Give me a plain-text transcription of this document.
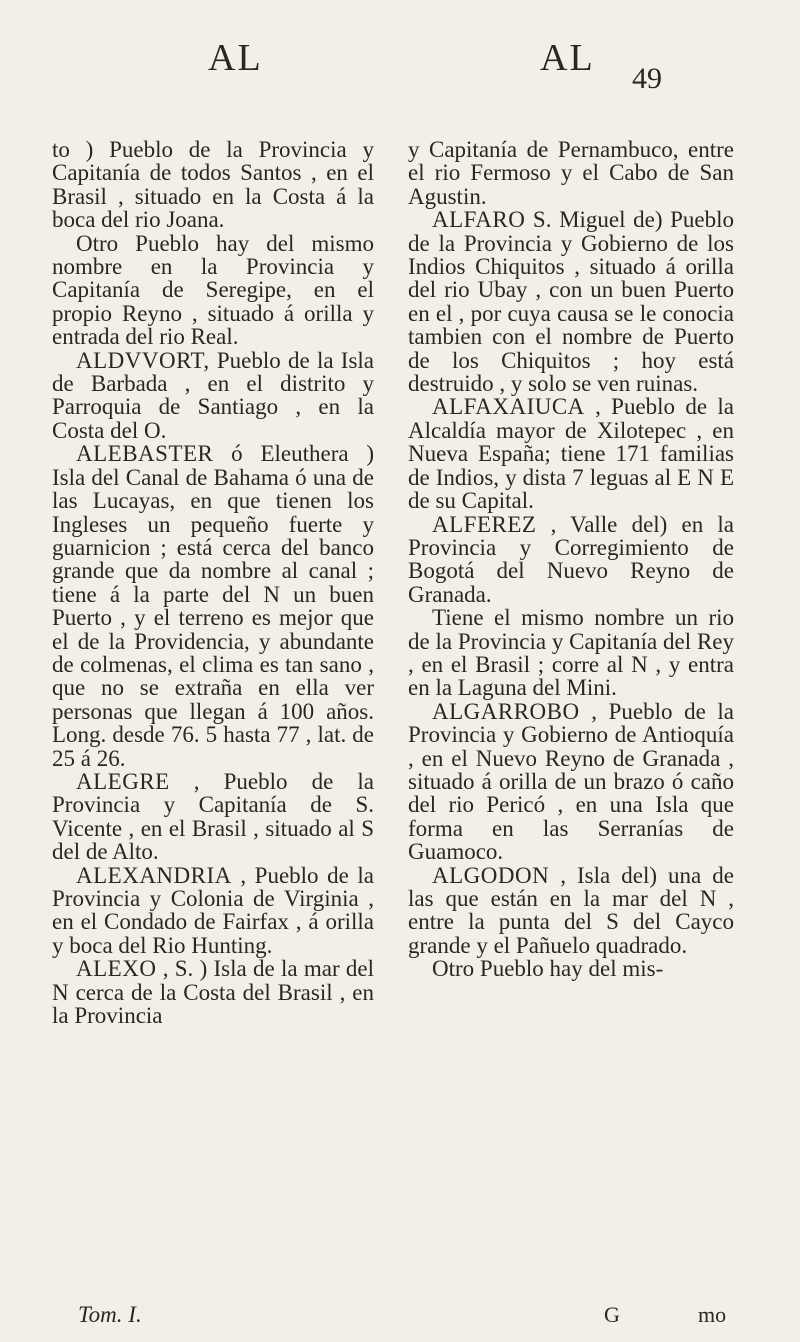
AL	AL 49

to ) Pueblo de la Provincia y Capitanía de todos Santos , en el Brasil , situado en la Costa á la boca del rio Joana.

Otro Pueblo hay del mismo nombre en la Provincia y Capitanía de Seregipe, en el propio Reyno , situado á orilla y entrada del rio Real.

ALDVVORT, Pueblo de la Isla de Barbada , en el distrito y Parroquia de Santiago , en la Costa del O.

ALEBASTER ó Eleuthera ) Isla del Canal de Bahama ó una de las Lucayas, en que tienen los Ingleses un pequeño fuerte y guarnicion ; está cerca del banco grande que da nombre al canal ; tiene á la parte del N un buen Puerto , y el terreno es mejor que el de la Providencia, y abundante de colmenas, el clima es tan sano , que no se extraña en ella ver personas que llegan á 100 años. Long. desde 76. 5 hasta 77 , lat. de 25 á 26.

ALEGRE , Pueblo de la Provincia y Capitanía de S. Vicente , en el Brasil , situado al S del de Alto.

ALEXANDRIA , Pueblo de la Provincia y Colonia de Virginia , en el Condado de Fairfax , á orilla y boca del Rio Hunting.

ALEXO , S. ) Isla de la mar del N cerca de la Costa del Brasil , en la Provincia

y Capitanía de Pernambuco, entre el rio Fermoso y el Cabo de San Agustin.

ALFARO S. Miguel de) Pueblo de la Provincia y Gobierno de los Indios Chiquitos , situado á orilla del rio Ubay , con un buen Puerto en el , por cuya causa se le conocia tambien con el nombre de Puerto de los Chiquitos ; hoy está destruido , y solo se ven ruinas.

ALFAXAIUCA , Pueblo de la Alcaldía mayor de Xilotepec , en Nueva España; tiene 171 familias de Indios, y dista 7 leguas al E N E de su Capital.

ALFEREZ , Valle del) en la Provincia y Corregimiento de Bogotá del Nuevo Reyno de Granada.

Tiene el mismo nombre un rio de la Provincia y Capitanía del Rey , en el Brasil ; corre al N , y entra en la Laguna del Mini.

ALGARROBO , Pueblo de la Provincia y Gobierno de Antioquía , en el Nuevo Reyno de Granada , situado á orilla de un brazo ó caño del rio Pericó , en una Isla que forma en las Serranías de Guamoco.

ALGODON , Isla del) una de las que están en la mar del N , entre la punta del S del Cayco grande y el Pañuelo quadrado.

Otro Pueblo hay del mis-

Tom. I.	G	mo
